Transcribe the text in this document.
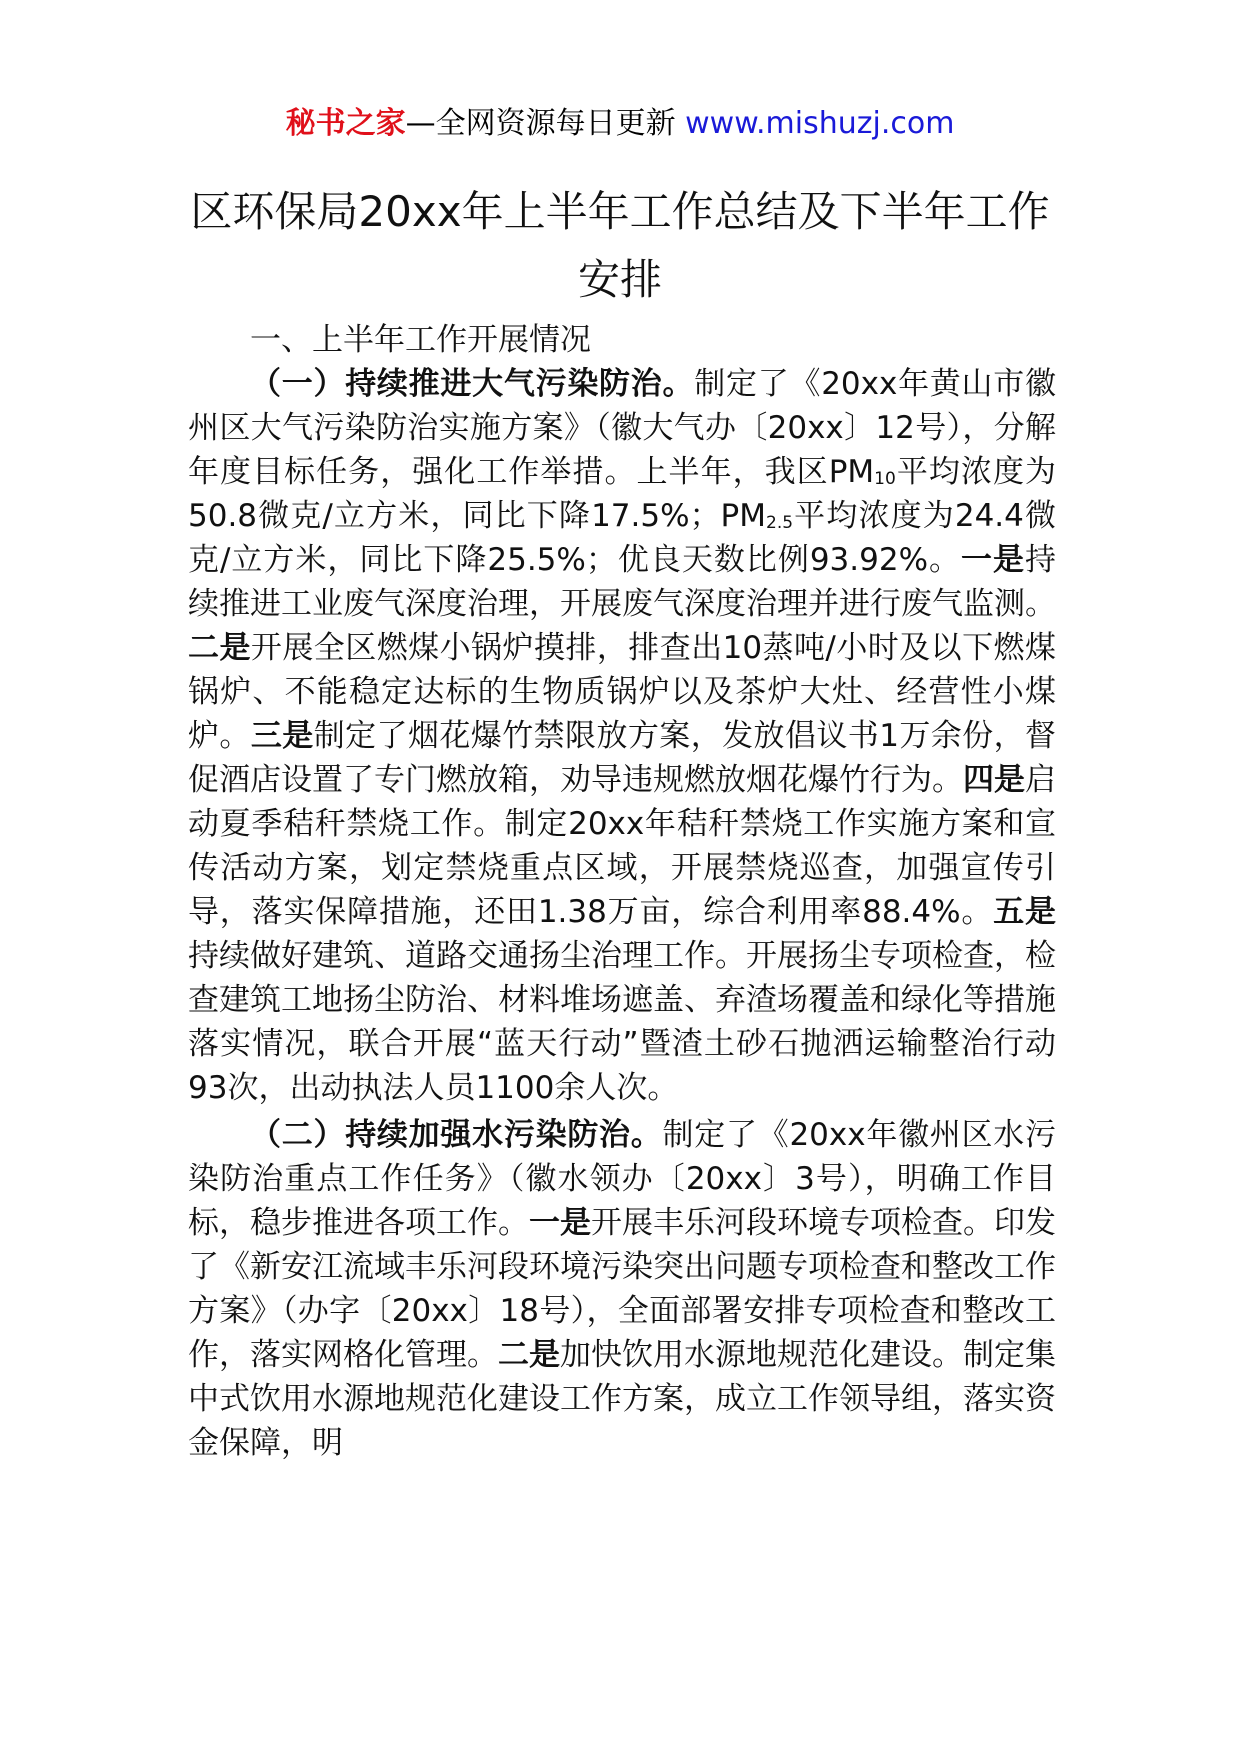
秘书之家—全网资源每日更新 www.mishuzj.com
区环保局20xx年上半年工作总结及下半年工作安排

一、上半年工作开展情况

（一）持续推进大气污染防治。制定了《20xx年黄山市徽州区大气污染防治实施方案》（徽大气办〔20xx〕12号），分解年度目标任务，强化工作举措。上半年，我区$PM_{10}$平均浓度为50.8微克/立方米，同比下降17.5%；$PM_{2.5}$平均浓度为24.4微克/立方米，同比下降25.5%；优良天数比例93.92%。一是持续推进工业废气深度治理，开展废气深度治理并进行废气监测。二是开展全区燃煤小锅炉摸排，排查出10蒸吨/小时及以下燃煤锅炉、不能稳定达标的生物质锅炉以及茶炉大灶、经营性小煤炉。三是制定了烟花爆竹禁限放方案，发放倡议书1万余份，督促酒店设置了专门燃放箱，劝导违规燃放烟花爆竹行为。四是启动夏季秸秆禁烧工作。制定20xx年秸秆禁烧工作实施方案和宣传活动方案，划定禁烧重点区域，开展禁烧巡查，加强宣传引导，落实保障措施，还田1.38万亩，综合利用率88.4%。五是持续做好建筑、道路交通扬尘治理工作。开展扬尘专项检查，检查建筑工地扬尘防治、材料堆场遮盖、弃渣场覆盖和绿化等措施落实情况，联合开展“蓝天行动”暨渣土砂石抛洒运输整治行动93次，出动执法人员1100余人次。

（二）持续加强水污染防治。制定了《20xx年徽州区水污染防治重点工作任务》（徽水领办〔20xx〕3号），明确工作目标，稳步推进各项工作。一是开展丰乐河段环境专项检查。印发了《新安江流域丰乐河段环境污染突出问题专项检查和整改工作方案》（办字〔20xx〕18号），全面部署安排专项检查和整改工作，落实网格化管理。二是加快饮用水源地规范化建设。制定集中式饮用水源地规范化建设工作方案，成立工作领导组，落实资金保障，明
